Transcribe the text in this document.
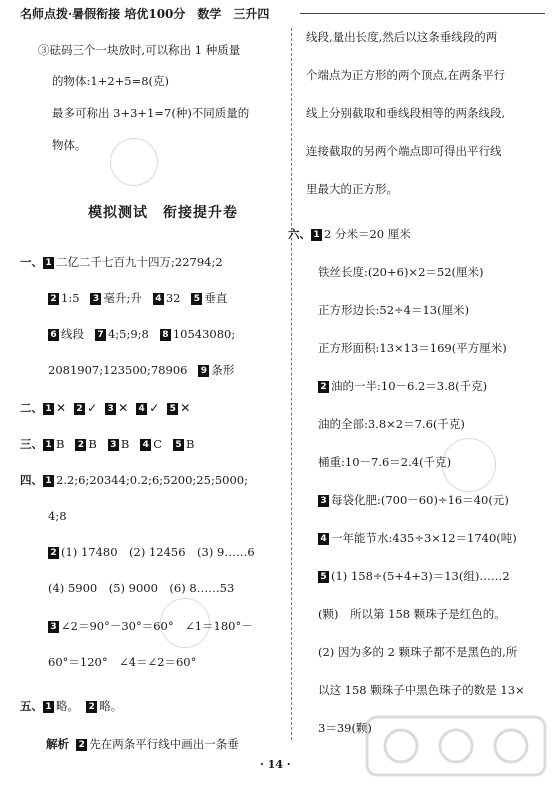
名师点拨·暑假衔接 培优100分　数学　三升四
③砝码三个一块放时,可以称出 1 种质量
的物体:1+2+5=8(克)
最多可称出 3+3+1=7(种)不同质量的
物体。
模拟测试　衔接提升卷
一、 1 二亿二千七百九十四万;22794;2
2 1:5 3 毫升;升 4 32 5 垂直
6 线段 7 4;5;9;8 8 10543080;
2081907;123500;78906 9 条形
二、 1 ✕ 2 ✓ 3 ✕ 4 ✓ 5 ✕
三、 1 B 2 B 3 B 4 C 5 B
四、 1 2.2;6;20344;0.2;6;5200;25;5000;
4;8
2 (1) 17480　(2) 12456　(3) 9……6
(4) 5900　(5) 9000　(6) 8……53
3 ∠2＝90°－30°＝60°　∠1＝180°－
60°＝120°　∠4＝∠2＝60°
五、 1 略。 2 略。
解析 2 先在两条平行线中画出一条垂
线段,量出长度,然后以这条垂线段的两
个端点为正方形的两个顶点,在两条平行
线上分别截取和垂线段相等的两条线段,
连接截取的另两个端点即可得出平行线
里最大的正方形。
六、 1 2 分米＝20 厘米
铁丝长度:(20+6)×2＝52(厘米)
正方形边长:52÷4＝13(厘米)
正方形面积:13×13＝169(平方厘米)
2 油的一半:10－6.2＝3.8(千克)
油的全部:3.8×2＝7.6(千克)
桶重:10－7.6＝2.4(千克)
3 每袋化肥:(700－60)÷16＝40(元)
4 一年能节水:435÷3×12＝1740(吨)
5 (1) 158÷(5+4+3)＝13(组)……2
(颗)　所以第 158 颗珠子是红色的。
(2) 因为多的 2 颗珠子都不是黑色的,所
以这 158 颗珠子中黑色珠子的数是 13×
3＝39(颗)
· 14 ·
